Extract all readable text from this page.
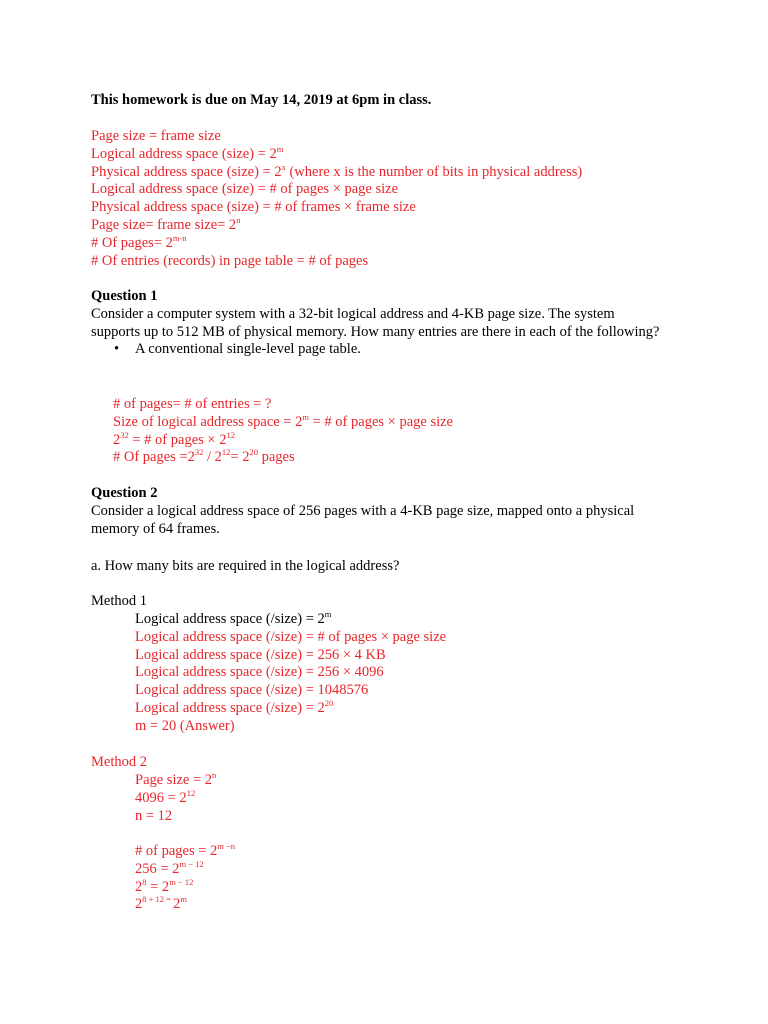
This homework is due on May 14, 2019 at 6pm in class.
Page size = frame size
Logical address space (size) = $2^m$
Physical address space (size) = $2^x$ (where x is the number of bits in physical address)
Logical address space (size) = # of pages × page size
Physical address space (size) = # of frames × frame size
Page size= frame size= $2^n$
# Of pages= $2^{m-n}$
# Of entries (records) in page table = # of pages
Question 1
Consider a computer system with a 32-bit logical address and 4-KB page size. The system supports up to 512 MB of physical memory. How many entries are there in each of the following?
• A conventional single-level page table.
# of pages= # of entries = ?
Size of logical address space = $2^m$ = # of pages × page size
$2^{32}$ = # of pages × $2^{12}$
# Of pages $=2^{32} / 2^{12}= 2^{20}$ pages
Question 2
Consider a logical address space of 256 pages with a 4-KB page size, mapped onto a physical memory of 64 frames.
a. How many bits are required in the logical address?
Method 1
Logical address space (/size) = $2^m$
Logical address space (/size) = # of pages × page size
Logical address space (/size) = 256 × 4 KB
Logical address space (/size) = 256 × 4096
Logical address space (/size) = 1048576
Logical address space (/size) = $2^{20}$
m = 20 (Answer)
Method 2
Page size = $2^n$
$4096 = 2^{12}$
n = 12
# of pages = $2^{m -n}$
$256 = 2^{m - 12}$
$2^8 = 2^{m - 12}$
$2^{8 + 12 =}$ 2$^m$
